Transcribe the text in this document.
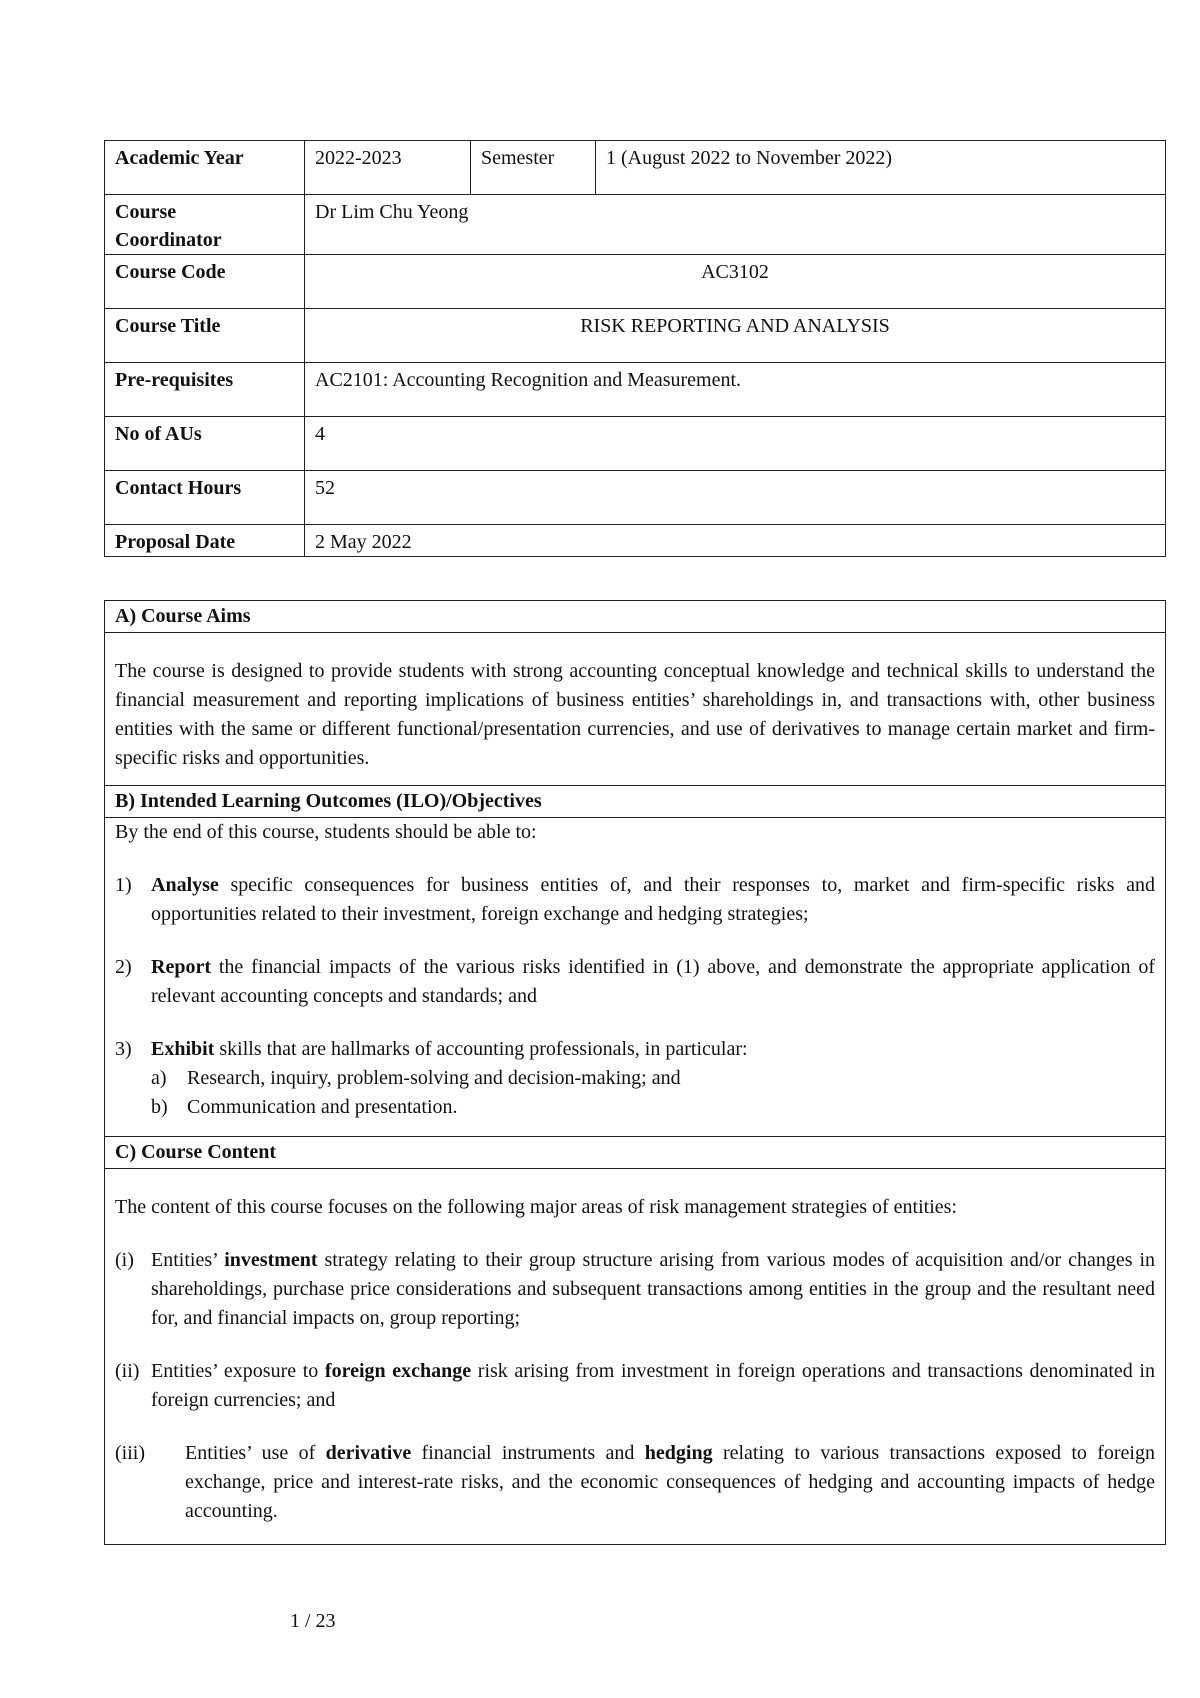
Academic Year	2022-2023	Semester	1 (August 2022 to November 2022)
Course
Coordinator	Dr Lim Chu Yeong		
Course Code	AC3102		
Course Title	RISK REPORTING AND ANALYSIS		
Pre-requisites	AC2101: Accounting Recognition and Measurement.		
No of AUs	4		
Contact Hours	52		
Proposal Date	2 May 2022		
A) Course Aims

The course is designed to provide students with strong accounting conceptual knowledge and technical skills to understand the financial measurement and reporting implications of business entities’ shareholdings in, and transactions with, other business entities with the same or different functional/presentation currencies, and use of derivatives to manage certain market and firm-specific risks and opportunities.

B) Intended Learning Outcomes (ILO)/Objectives

By the end of this course, students should be able to:

1) Analyse specific consequences for business entities of, and their responses to, market and firm-specific risks and opportunities related to their investment, foreign exchange and hedging strategies;
2) Report the financial impacts of the various risks identified in (1) above, and demonstrate the appropriate application of relevant accounting concepts and standards; and
3) Exhibit skills that are hallmarks of accounting professionals, in particular:
a)	Research, inquiry, problem-solving and decision-making; and
b) Communication and presentation.

C) Course Content

The content of this course focuses on the following major areas of risk management strategies of entities:

(i) Entities’ investment strategy relating to their group structure arising from various modes of acquisition and/or changes in shareholdings, purchase price considerations and subsequent transactions among entities in the group and the resultant need for, and financial impacts on, group reporting;
(ii) Entities’ exposure to foreign exchange risk arising from investment in foreign operations and transactions denominated in foreign currencies; and
(iii)	Entities’ use of derivative financial instruments and hedging relating to various transactions exposed to foreign exchange, price and interest-rate risks, and the economic consequences of hedging and accounting impacts of hedge accounting.
1 / 23
